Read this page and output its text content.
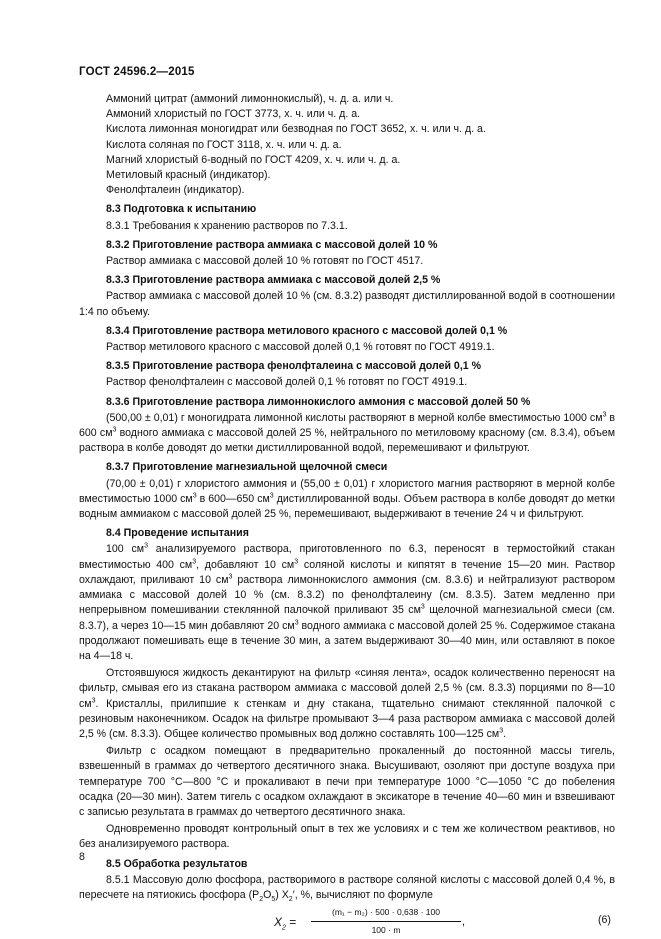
ГОСТ 24596.2—2015
Аммоний цитрат (аммоний лимоннокислый), ч. д. а. или ч.
Аммоний хлористый по ГОСТ 3773, х. ч. или ч. д. а.
Кислота лимонная моногидрат или безводная по ГОСТ 3652, х. ч. или ч. д. а.
Кислота соляная по ГОСТ 3118, х. ч. или ч. д. а.
Магний хлористый 6-водный по ГОСТ 4209, х. ч. или ч. д. а.
Метиловый красный (индикатор).
Фенолфталеин (индикатор).
8.3 Подготовка к испытанию
8.3.1 Требования к хранению растворов по 7.3.1.
8.3.2 Приготовление раствора аммиака с массовой долей 10 %
Раствор аммиака с массовой долей 10 % готовят по ГОСТ 4517.
8.3.3 Приготовление раствора аммиака с массовой долей 2,5 %
Раствор аммиака с массовой долей 10 % (см. 8.3.2) разводят дистиллированной водой в соотношении 1:4 по объему.
8.3.4 Приготовление раствора метилового красного с массовой долей 0,1 %
Раствор метилового красного с массовой долей 0,1 % готовят по ГОСТ 4919.1.
8.3.5 Приготовление раствора фенолфталеина с массовой долей 0,1 %
Раствор фенолфталеин с массовой долей 0,1 % готовят по ГОСТ 4919.1.
8.3.6 Приготовление раствора лимоннокислого аммония с массовой долей 50 %
(500,00 ± 0,01) г моногидрата лимонной кислоты растворяют в мерной колбе вместимостью 1000 $см^3$ в 600 $см^3$ водного аммиака с массовой долей 25 %, нейтрального по метиловому красному (см. 8.3.4), объем раствора в колбе доводят до метки дистиллированной водой, перемешивают и фильтруют.
8.3.7 Приготовление магнезиальной щелочной смеси
(70,00 ± 0,01) г хлористого аммония и (55,00 ± 0,01) г хлористого магния растворяют в мерной колбе вместимостью 1000 $см^3$ в 600—650 $см^3$ дистиллированной воды. Объем раствора в колбе доводят до метки водным аммиаком с массовой долей 25 %, перемешивают, выдерживают в течение 24 ч и фильтруют.
8.4 Проведение испытания
100 $см^3$ анализируемого раствора, приготовленного по 6.3, переносят в термостойкий стакан вместимостью 400 $см^3$, добавляют 10 $см^3$ соляной кислоты и кипятят в течение 15—20 мин. Раствор охлаждают, приливают 10 $см^3$ раствора лимоннокислого аммония (см. 8.3.6) и нейтрализуют раствором аммиака с массовой долей 10 % (см. 8.3.2) по фенолфталеину (см. 8.3.5). Затем медленно при непрерывном помешивании стеклянной палочкой приливают 35 $см^3$ щелочной магнезиальной смеси (см. 8.3.7), а через 10—15 мин добавляют 20 $см^3$ водного аммиака с массовой долей 25 %. Содержимое стакана продолжают помешивать еще в течение 30 мин, а затем выдерживают 30—40 мин, или оставляют в покое на 4—18 ч.
Отстоявшуюся жидкость декантируют на фильтр «синяя лента», осадок количественно переносят на фильтр, смывая его из стакана раствором аммиака с массовой долей 2,5 % (см. 8.3.3) порциями по 8—10 $см^3$. Кристаллы, прилипшие к стенкам и дну стакана, тщательно снимают стеклянной палочкой с резиновым наконечником. Осадок на фильтре промывают 3—4 раза раствором аммиака с массовой долей 2,5 % (см. 8.3.3). Общее количество промывных вод должно составлять 100—125 $см^3$.
Фильтр с осадком помещают в предварительно прокаленный до постоянной массы тигель, взвешенный в граммах до четвертого десятичного знака. Высушивают, озоляют при доступе воздуха при температуре 700 °С—800 °С и прокаливают в печи при температуре 1000 °С—1050 °С до побеления осадка (20—30 мин). Затем тигель с осадком охлаждают в эксикаторе в течение 40—60 мин и взвешивают с записью результата в граммах до четвертого десятичного знака.
Одновременно проводят контрольный опыт в тех же условиях и с тем же количеством реактивов, но без анализируемого раствора.
8.5 Обработка результатов
8.5.1 Массовую долю фосфора, растворимого в растворе соляной кислоты с массовой долей 0,4 %, в пересчете на пятиокись фосфора $(P_2O_5)$ $X_2'$, %, вычисляют по формуле
$X_2 = \frac{\text{(m₁ − m₂) · 500 · 0,638 · 100}}{100 \cdot m}$ ,	(6)
8
